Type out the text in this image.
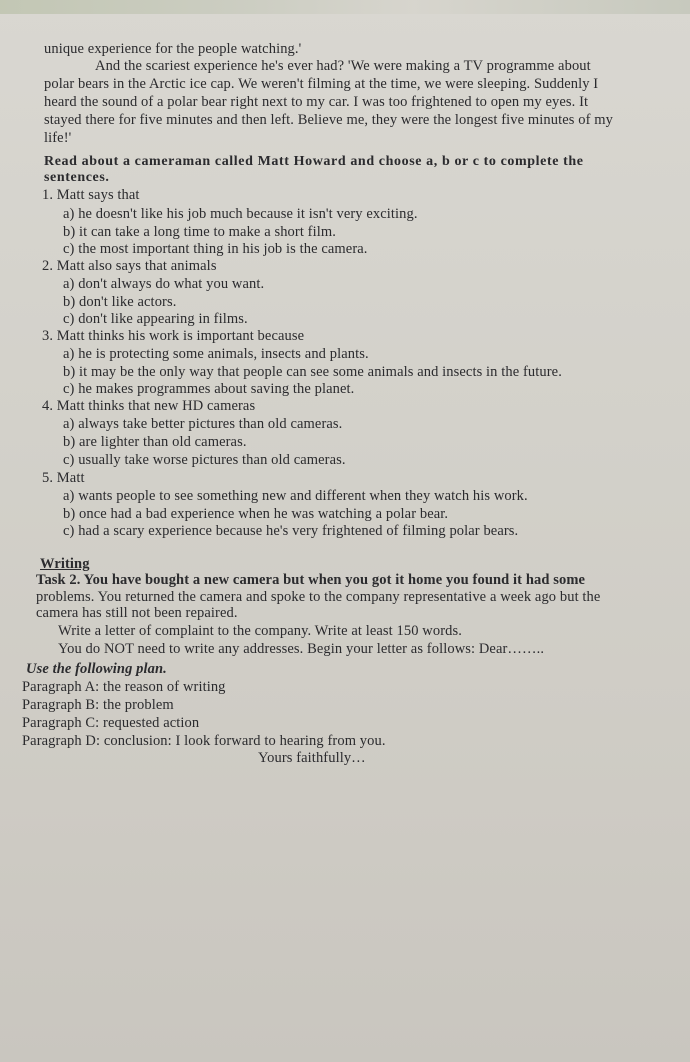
unique experience for the people watching.'
And the scariest experience he's ever had? 'We were making a TV programme about
polar bears in the Arctic ice cap. We weren't filming at the time, we were sleeping. Suddenly I
heard the sound of a polar bear right next to my car. I was too frightened to open my eyes. It
stayed there for five minutes and then left. Believe me, they were the longest five minutes of my
life!'
Read about a cameraman called Matt Howard and choose a, b or c to complete the
sentences.
1. Matt says that
a) he doesn't like his job much because it isn't very exciting.
b) it can take a long time to make a short film.
c) the most important thing in his job is the camera.
2. Matt also says that animals
a) don't always do what you want.
b) don't like actors.
c) don't like appearing in films.
3. Matt thinks his work is important because
a) he is protecting some animals, insects and plants.
b) it may be the only way that people can see some animals and insects in the future.
c) he makes programmes about saving the planet.
4. Matt thinks that new HD cameras
a) always take better pictures than old cameras.
b) are lighter than old cameras.
c) usually take worse pictures than old cameras.
5. Matt
a) wants people to see something new and different when they watch his work.
b) once had a bad experience when he was watching a polar bear.
c) had a scary experience because he's very frightened of filming polar bears.
Writing
Task 2. You have bought a new camera but when you got it home you found it had some
problems. You returned the camera and spoke to the company representative a week ago but the
camera has still not been repaired.
Write a letter of complaint to the company. Write at least 150 words.
You do NOT need to write any addresses. Begin your letter as follows: Dear……..
Use the following plan.
Paragraph A: the reason of writing
Paragraph B: the problem
Paragraph C: requested action
Paragraph D: conclusion: I look forward to hearing from you.
Yours faithfully…
